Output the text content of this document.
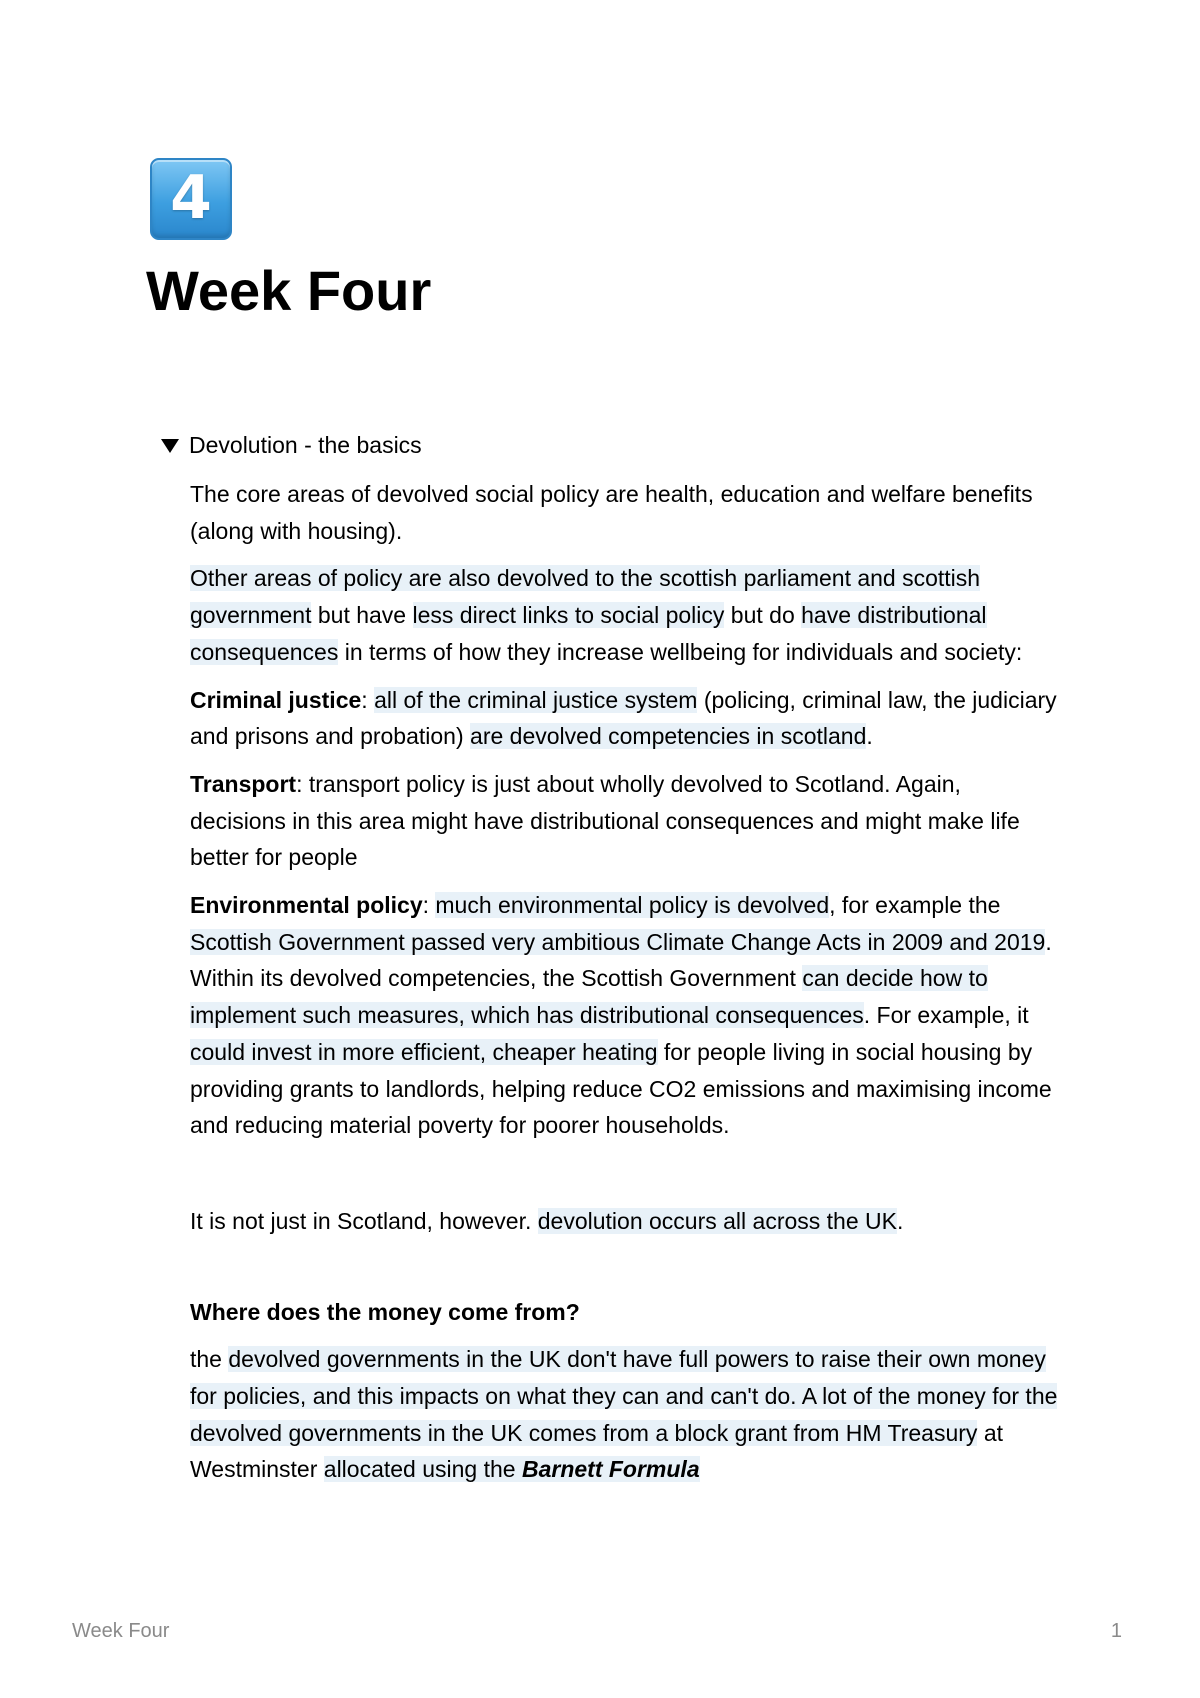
4
Week Four
Devolution - the basics

The core areas of devolved social policy are health, education and welfare benefits (along with housing).

Other areas of policy are also devolved to the scottish parliament and scottish government but have less direct links to social policy but do have distributional consequences in terms of how they increase wellbeing for individuals and society:

Criminal justice: all of the criminal justice system (policing, criminal law, the judiciary and prisons and probation) are devolved competencies in scotland.

Transport: transport policy is just about wholly devolved to Scotland. Again, decisions in this area might have distributional consequences and might make life better for people

Environmental policy: much environmental policy is devolved, for example the Scottish Government passed very ambitious Climate Change Acts in 2009 and 2019. Within its devolved competencies, the Scottish Government can decide how to implement such measures, which has distributional consequences. For example, it could invest in more efficient, cheaper heating for people living in social housing by providing grants to landlords, helping reduce CO2 emissions and maximising income and reducing material poverty for poorer households.

It is not just in Scotland, however. devolution occurs all across the UK.

Where does the money come from?

the devolved governments in the UK don't have full powers to raise their own money for policies, and this impacts on what they can and can't do. A lot of the money for the devolved governments in the UK comes from a block grant from HM Treasury at Westminster allocated using the Barnett Formula

Week Four	1
